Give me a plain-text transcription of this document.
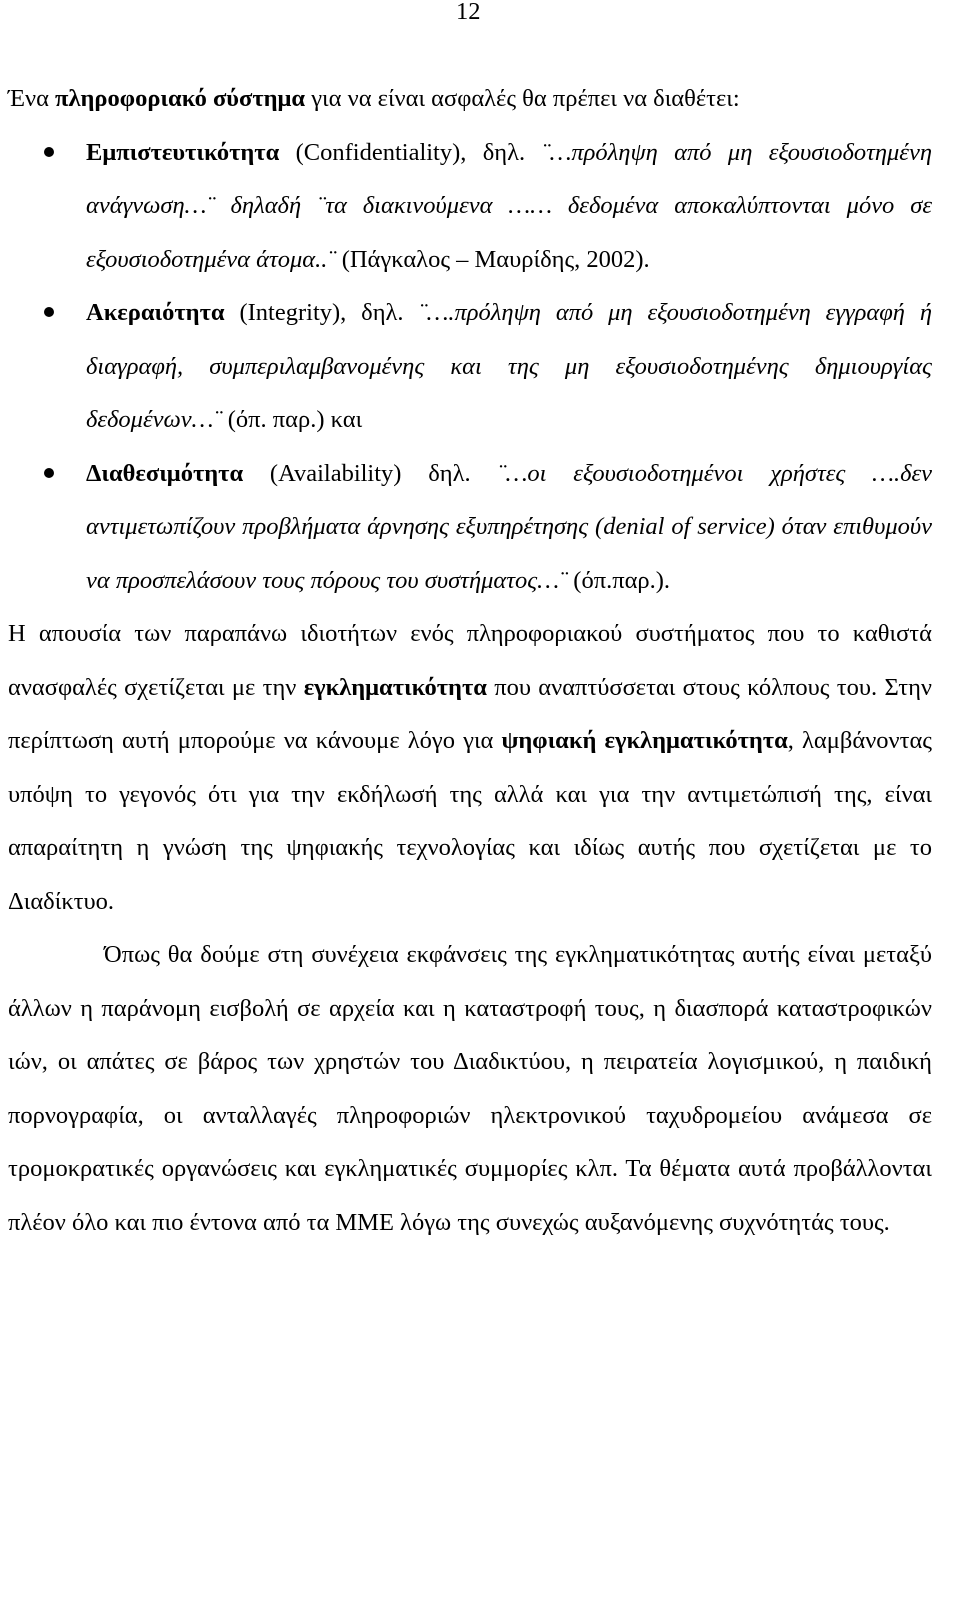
12

Ένα πληροφοριακό σύστημα για να είναι ασφαλές θα πρέπει να διαθέτει:

Εμπιστευτικότητα (Confidentiality), δηλ. ¨…πρόληψη από μη εξουσιοδοτημένη ανάγνωση…¨ δηλαδή ¨τα διακινούμενα …… δεδομένα αποκαλύπτονται μόνο σε εξουσιοδοτημένα άτομα..¨ (Πάγκαλος – Μαυρίδης, 2002).
Ακεραιότητα (Integrity), δηλ. ¨….πρόληψη από μη εξουσιοδοτημένη εγγραφή ή διαγραφή, συμπεριλαμβανομένης και της μη εξουσιοδοτημένης δημιουργίας δεδομένων…¨ (όπ. παρ.) και
Διαθεσιμότητα (Availability) δηλ. ¨…οι εξουσιοδοτημένοι χρήστες ….δεν αντιμετωπίζουν προβλήματα άρνησης εξυπηρέτησης (denial of service) όταν επιθυμούν να προσπελάσουν τους πόρους του συστήματος…¨ (όπ.παρ.).

Η απουσία των παραπάνω ιδιοτήτων ενός πληροφοριακού συστήματος που το καθιστά ανασφαλές σχετίζεται με την εγκληματικότητα που αναπτύσσεται στους κόλπους του. Στην περίπτωση αυτή μπορούμε να κάνουμε λόγο για ψηφιακή εγκληματικότητα, λαμβάνοντας υπόψη το γεγονός ότι για την εκδήλωσή της αλλά και για την αντιμετώπισή της, είναι απαραίτητη η γνώση της ψηφιακής τεχνολογίας και ιδίως αυτής που σχετίζεται με το Διαδίκτυο.

Όπως θα δούμε στη συνέχεια εκφάνσεις της εγκληματικότητας αυτής είναι μεταξύ άλλων η παράνομη εισβολή σε αρχεία και η καταστροφή τους, η διασπορά καταστροφικών ιών, οι απάτες σε βάρος των χρηστών του Διαδικτύου, η πειρατεία λογισμικού, η παιδική πορνογραφία, οι ανταλλαγές πληροφοριών ηλεκτρονικού ταχυδρομείου ανάμεσα σε τρομοκρατικές οργανώσεις και εγκληματικές συμμορίες κλπ. Τα θέματα αυτά προβάλλονται πλέον όλο και πιο έντονα από τα ΜΜΕ λόγω της συνεχώς αυξανόμενης συχνότητάς τους.
